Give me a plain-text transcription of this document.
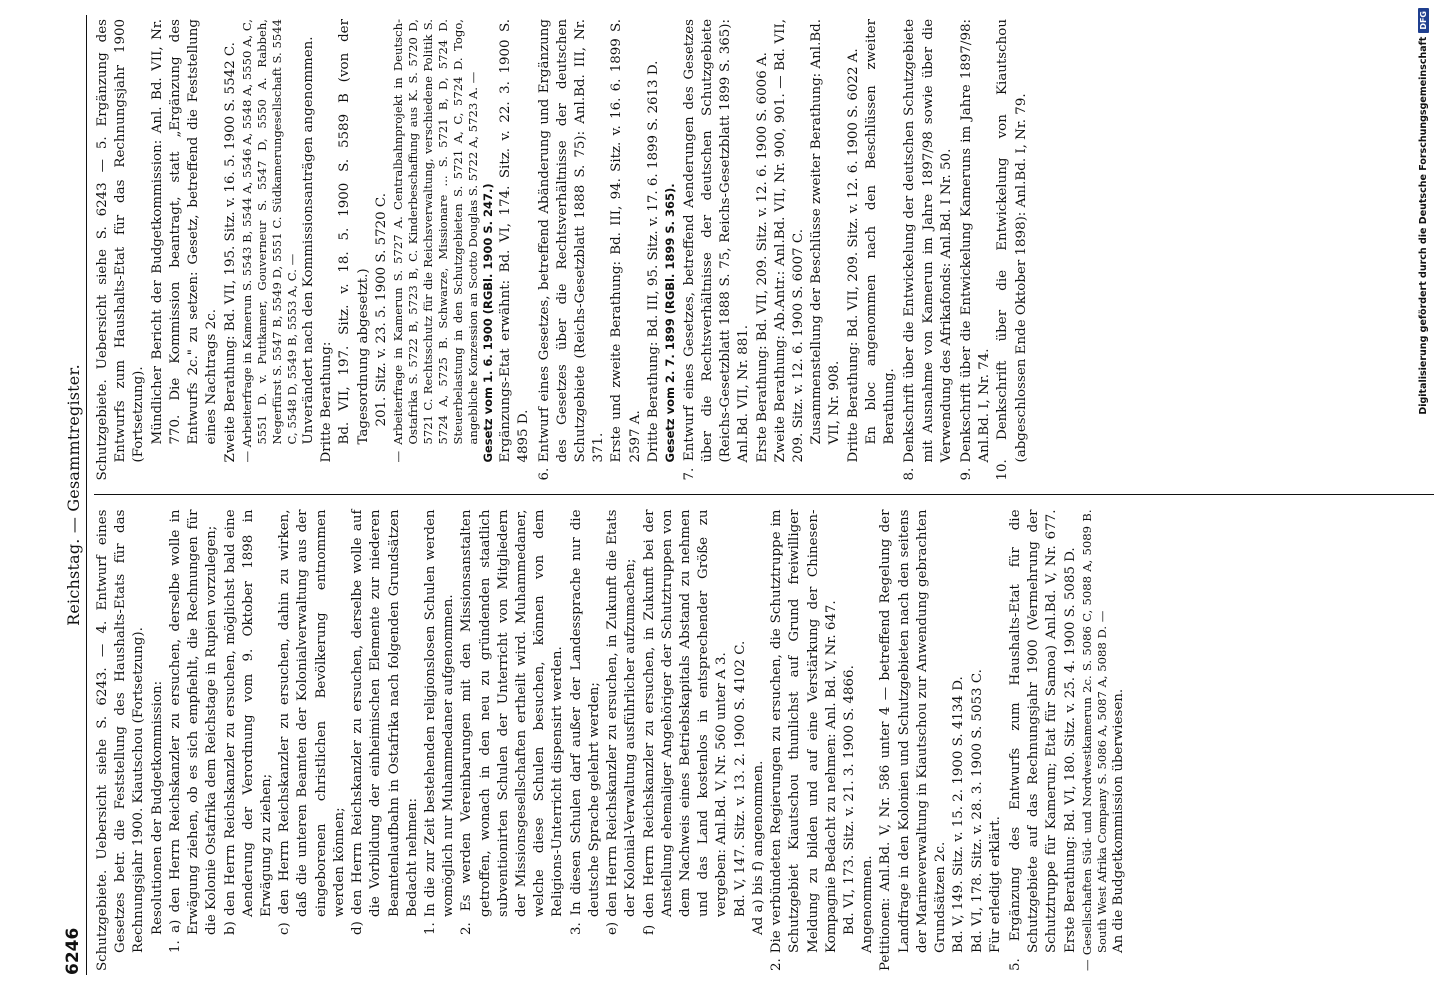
6246
Reichstag. — Gesammtregister.

Schutzgebiete. Uebersicht siehe S. 6243. — 4. Entwurf eines Gesetzes betr. die Feststellung des Haushalts-Etats für das Rechnungsjahr 1900. Kiautschou (Fortsetzung). Resolutionen der Budgetkommission: 1. a) den Herrn Reichskanzler zu ersuchen, derselbe wolle in Erwägung ziehen, ob es sich empfiehlt, die Rechnungen für die Kolonie Ostafrika dem Reichstage in Rupien vorzulegen; b) den Herrn Reichskanzler zu ersuchen, möglichst bald eine Aenderung der Verordnung vom 9. Oktober 1898 in Erwägung zu ziehen; c) den Herrn Reichskanzler zu ersuchen, dahin zu wirken, daß die unteren Beamten der Kolonialverwaltung aus der eingeborenen christlichen Bevölkerung entnommen werden können; d) den Herrn Reichskanzler zu ersuchen, derselbe wolle auf die Vorbildung der einheimischen Elemente zur niederen Beamtenlaufbahn in Ostafrika nach folgenden Grundsätzen Bedacht nehmen: 1. In die zur Zeit bestehenden religionslosen Schulen werden womöglich nur Muhammedaner aufgenommen. 2. Es werden Vereinbarungen mit den Missionsanstalten getroffen, wonach in den neu zu gründenden staatlich subventionirten Schulen der Unterricht von Mitgliedern der Missionsgesellschaften ertheilt wird. Muhammedaner, welche diese Schulen besuchen, können von dem Religions-Unterricht dispensirt werden. 3. In diesen Schulen darf außer der Landessprache nur die deutsche Sprache gelehrt werden; e) den Herrn Reichskanzler zu ersuchen, in Zukunft die Etats der Kolonial-Verwaltung ausführlicher aufzumachen; f) den Herrn Reichskanzler zu ersuchen, in Zukunft bei der Anstellung ehemaliger Angehöriger der Schutztruppen von dem Nachweis eines Betriebskapitals Abstand zu nehmen und das Land kostenlos in entsprechender Größe zu vergeben: Anl.Bd. V, Nr. 560 unter A 3. Bd. V, 147. Sitz. v. 13. 2. 1900 S. 4102 C. Ad a) bis f) angenommen. 2. Die verbündeten Regierungen zu ersuchen, die Schutztruppe im Schutzgebiet Kiautschou thunlichst auf Grund freiwilliger Meldung zu bilden und auf eine Verstärkung der Chinesen-Kompagnie Bedacht zu nehmen: Anl. Bd. V, Nr. 647. Bd. VI, 173. Sitz. v. 21. 3. 1900 S. 4866. Angenommen. Petitionen: Anl.Bd. V, Nr. 586 unter 4 — betreffend Regelung der Landfrage in den Kolonien und Schutzgebieten nach den seitens der Marineverwaltung in Kiautschou zur Anwendung gebrachten Grundsätzen 2c. Bd. V, 149. Sitz. v. 15. 2. 1900 S. 4134 D. Bd. VI, 178. Sitz. v. 28. 3. 1900 S. 5053 C. Für erledigt erklärt. 5. Ergänzung des Entwurfs zum Haushalts-Etat für die Schutzgebiete auf das Rechnungsjahr 1900 (Vermehrung der Schutztruppe für Kamerun; Etat für Samoa) Anl.Bd. V, Nr. 677. Erste Berathung: Bd. VI, 180. Sitz. v. 25. 4. 1900 S. 5085 D. — Gesellschaften Süd- und Nordwestkamerun 2c. S. 5086 C, 5088 A, 5089 B. South West Afrika Company S. 5086 A, 5087 A, 5088 D. — An die Budgetkommission überwiesen.

Schutzgebiete. Uebersicht siehe S. 6243 — 5. Ergänzung des Entwurfs zum Haushalts-Etat für das Rechnungsjahr 1900 (Fortsetzung). Mündlicher Bericht der Budgetkommission: Anl. Bd. VII, Nr. 770. Die Kommission beantragt, statt „Ergänzung des Entwurfs 2c." zu setzen: Gesetz, betreffend die Feststellung eines Nachtrags 2c. Zweite Berathung: Bd. VII, 195. Sitz. v. 16. 5. 1900 S. 5542 C. — Arbeiterfrage in Kamerun S. 5543 B, 5544 A, 5546 A, 5548 A, 5550 A, C, 5551 D. v. Puttkamer, Gouverneur S. 5547 D, 5550 A. Rabbeh, Negerfürst S. 5547 B, 5549 D, 5551 C. Südkamerungesellschaft S. 5544 C, 5548 D, 5549 B, 5553 A, C. — Unverändert nach den Kommissionsanträgen angenommen. Dritte Berathung: Bd. VII, 197. Sitz. v. 18. 5. 1900 S. 5589 B (von der Tagesordnung abgesetzt.) 201. Sitz. v. 23. 5. 1900 S. 5720 C. — Arbeiterfrage in Kamerun S. 5727 A. Centralbahnprojekt in Deutsch-Ostafrika S. 5722 B, 5723 B, C. Kinderbeschaffung aus K. S. 5720 D, 5721 C. Rechtsschutz für die Reichsverwaltung, verschiedene Politik S. 5724 A, 5725 B. Schwarze, Missionare ... S. 5721 B, D, 5724 D. Steuerbelastung in den Schutzgebieten S. 5721 A, C, 5724 D. Togo, angebliche Konzession an Scotto Douglas S. 5722 A, 5723 A. — Gesetz vom 1. 6. 1900 (RGBl. 1900 S. 247.) Ergänzungs-Etat erwähnt: Bd. VI, 174. Sitz. v. 22. 3. 1900 S. 4895 D. 6. Entwurf eines Gesetzes, betreffend Abänderung und Ergänzung des Gesetzes über die Rechtsverhältnisse der deutschen Schutzgebiete (Reichs-Gesetzblatt 1888 S. 75): Anl.Bd. III, Nr. 371. Erste und zweite Berathung: Bd. III, 94. Sitz. v. 16. 6. 1899 S. 2597 A. Dritte Berathung: Bd. III, 95. Sitz. v. 17. 6. 1899 S. 2613 D. Gesetz vom 2. 7. 1899 (RGBl. 1899 S. 365). 7. Entwurf eines Gesetzes, betreffend Aenderungen des Gesetzes über die Rechtsverhältnisse der deutschen Schutzgebiete (Reichs-Gesetzblatt 1888 S. 75, Reichs-Gesetzblatt 1899 S. 365): Anl.Bd. VII, Nr. 881. Erste Berathung: Bd. VII, 209. Sitz. v. 12. 6. 1900 S. 6006 A. Zweite Berathung: Ab.Antr.: Anl.Bd. VII, Nr. 900, 901. — Bd. VII, 209. Sitz. v. 12. 6. 1900 S. 6007 C. Zusammenstellung der Beschlüsse zweiter Berathung: Anl.Bd. VII, Nr. 908. Dritte Berathung: Bd. VII, 209. Sitz. v. 12. 6. 1900 S. 6022 A. En bloc angenommen nach den Beschlüssen zweiter Berathung. 8. Denkschrift über die Entwickelung der deutschen Schutzgebiete mit Ausnahme von Kamerun im Jahre 1897/98 sowie über die Verwendung des Afrikafonds: Anl.Bd. I Nr. 50. 9. Denkschrift über die Entwickelung Kameruns im Jahre 1897/98: Anl.Bd. I, Nr. 74. 10. Denkschrift über die Entwickelung von Kiautschou (abgeschlossen Ende Oktober 1898): Anl.Bd. I, Nr. 79.	Digitalisierung gefördert durch die Deutsche Forschungsgemeinschaft
DFG
